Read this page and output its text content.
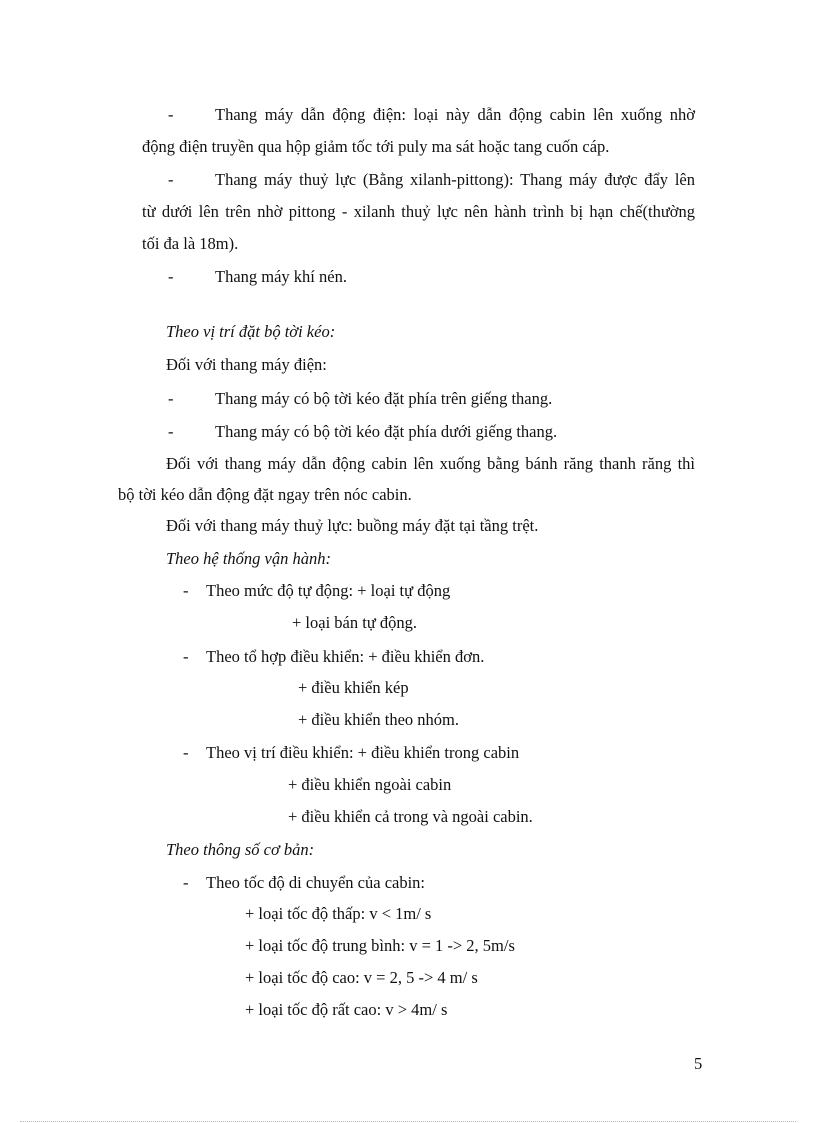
-	Thang máy dẫn động điện: loại này dẫn động cabin lên xuống nhờ
động điện truyền qua hộp giảm tốc tới puly ma sát hoặc tang cuốn cáp.
-	Thang máy thuỷ lực (Bằng xilanh-pittong): Thang máy được đẩy lên
từ dưới lên trên nhờ pittong - xilanh thuỷ lực nên hành trình bị hạn chế(thường
tối đa là 18m).
-	Thang máy khí nén.
Theo vị trí đặt bộ tời kéo:
Đối với thang máy điện:
-	Thang máy có bộ tời kéo đặt phía trên giếng thang.
-	Thang máy có bộ tời kéo đặt phía dưới giếng thang.
Đối với thang máy dẫn động cabin lên xuống bằng bánh răng thanh răng thì
bộ tời kéo dẫn động đặt ngay trên nóc cabin.
Đối với thang máy thuỷ lực: buồng máy đặt tại tầng trệt.
Theo hệ thống vận hành:
- Theo mức độ tự động: + loại tự động
+ loại bán tự động.
- Theo tổ hợp điều khiển: + điều khiển đơn.
+ điều khiển kép
+ điều khiển theo nhóm.
- Theo vị trí điều khiển: + điều khiển trong cabin
+ điều khiển ngoài cabin
+ điều khiển cả trong và ngoài cabin.
Theo thông số cơ bản:
- Theo tốc độ di chuyển của cabin:
+ loại tốc độ thấp: v < 1m/ s
+ loại tốc độ trung bình: v = 1 -> 2, 5m/s
+ loại tốc độ cao: v = 2, 5 -> 4 m/ s
+ loại tốc độ rất cao: v > 4m/ s
5
